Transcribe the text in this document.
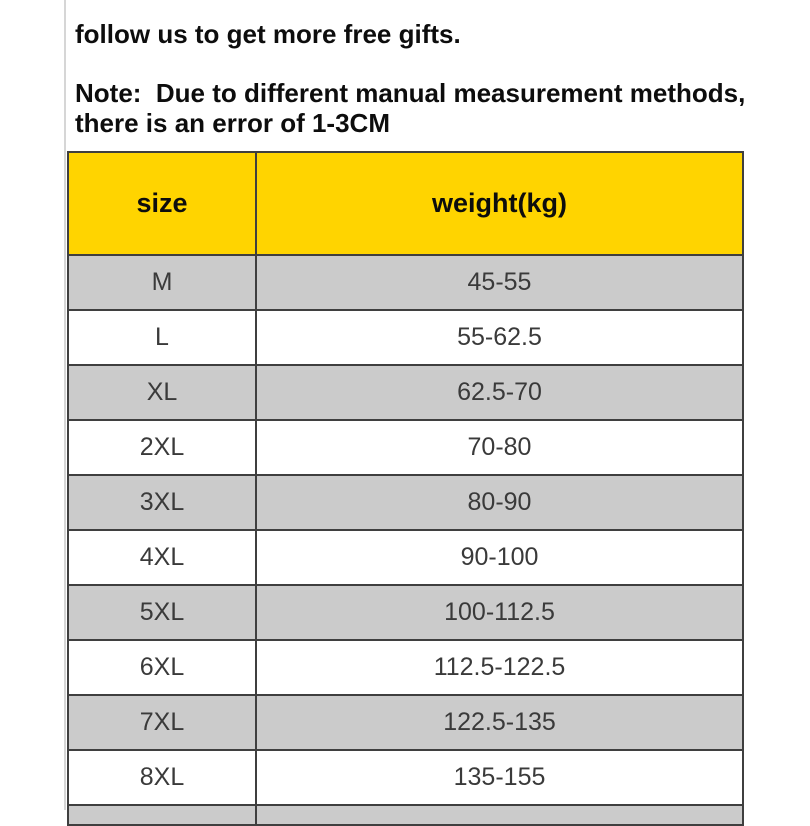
follow us to get more free gifts.

Note:  Due to different manual measurement methods, there is an error of 1-3CM

size	weight(kg)
M	45-55
L	55-62.5
XL	62.5-70
2XL	70-80
3XL	80-90
4XL	90-100
5XL	100-112.5
6XL	112.5-122.5
7XL	122.5-135
8XL	135-155
